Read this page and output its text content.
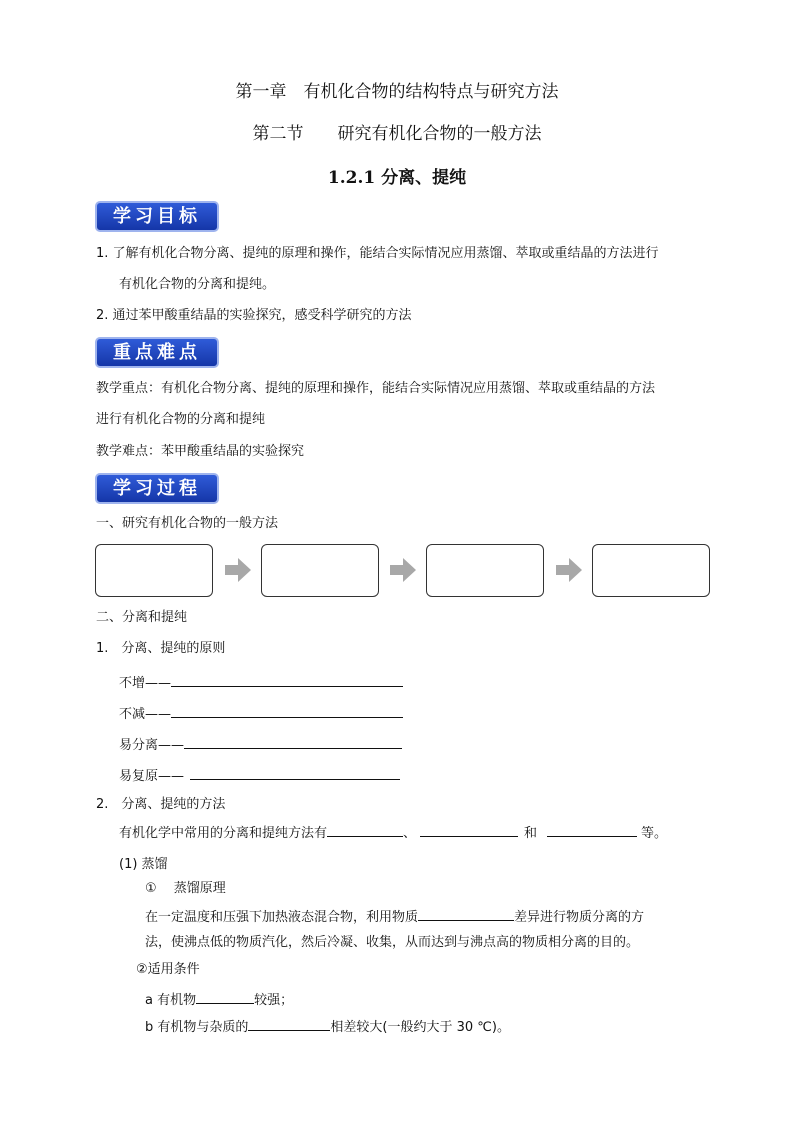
第一章　有机化合物的结构特点与研究方法
第二节　　研究有机化合物的一般方法
1.2.1 分离、提纯
学习目标
1. 了解有机化合物分离、提纯的原理和操作，能结合实际情况应用蒸馏、萃取或重结晶的方法进行
有机化合物的分离和提纯。
2. 通过苯甲酸重结晶的实验探究，感受科学研究的方法
重点难点
教学重点：有机化合物分离、提纯的原理和操作，能结合实际情况应用蒸馏、萃取或重结晶的方法
进行有机化合物的分离和提纯
教学难点：苯甲酸重结晶的实验探究
学习过程
一、研究有机化合物的一般方法
二、分离和提纯
1.　分离、提纯的原则
不增——
不减——
易分离——
易复原——
2.　分离、提纯的方法
有机化学中常用的分离和提纯方法有	、	和	等。
(1) 蒸馏
①　 蒸馏原理
在一定温度和压强下加热液态混合物，利用物质	差异进行物质分离的方
法，使沸点低的物质汽化，然后冷凝、收集，从而达到与沸点高的物质相分离的目的。
②适用条件
a 有机物	较强；
b 有机物与杂质的	相差较大(一般约大于 30 ℃)。
